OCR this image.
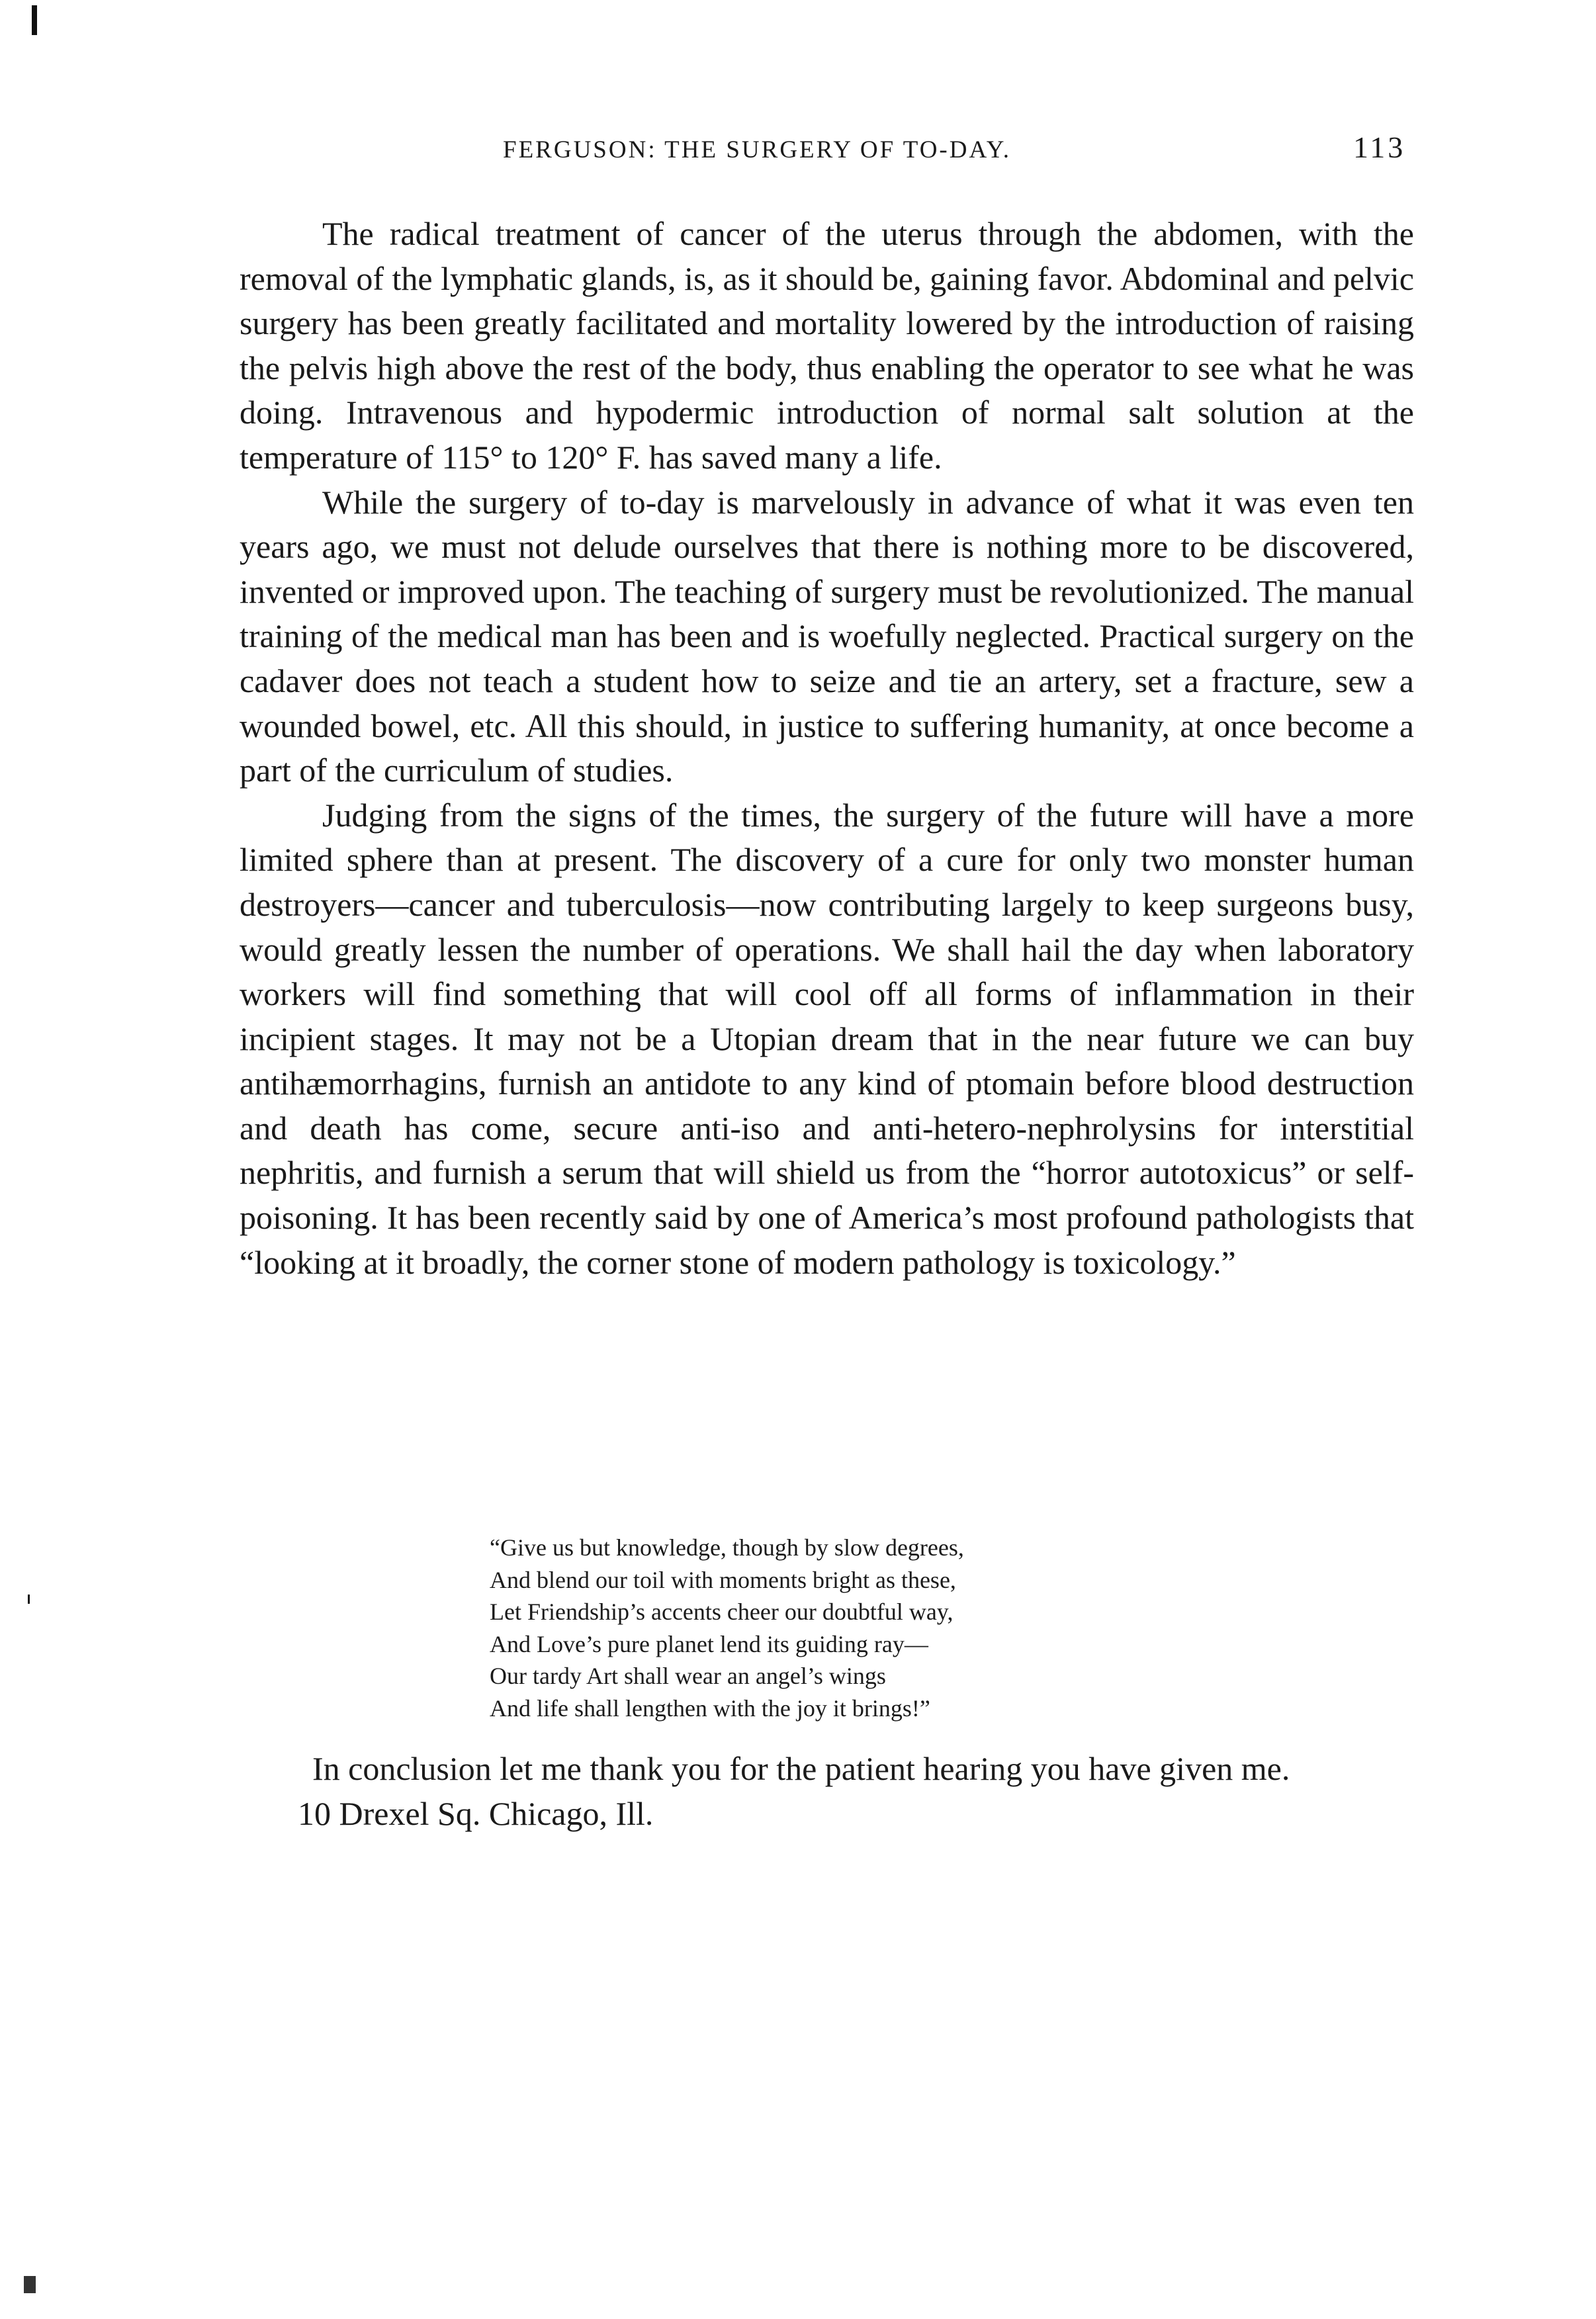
FERGUSON: THE SURGERY OF TO-DAY.	113

The radical treatment of cancer of the uterus through the abdomen, with the removal of the lymphatic glands, is, as it should be, gaining favor. Abdominal and pelvic surgery has been greatly facilitated and mortality lowered by the introduction of raising the pelvis high above the rest of the body, thus enabling the operator to see what he was doing. Intravenous and hypodermic introduction of normal salt solution at the temperature of 115° to 120° F. has saved many a life.

While the surgery of to-day is marvelously in advance of what it was even ten years ago, we must not delude ourselves that there is nothing more to be discovered, invented or improved upon. The teaching of surgery must be revolutionized. The manual training of the medical man has been and is woefully neglected. Practical surgery on the cadaver does not teach a student how to seize and tie an artery, set a fracture, sew a wounded bowel, etc. All this should, in justice to suffering humanity, at once become a part of the curriculum of studies.

Judging from the signs of the times, the surgery of the future will have a more limited sphere than at present. The discovery of a cure for only two monster human destroyers—cancer and tuberculosis—now contributing largely to keep surgeons busy, would greatly lessen the number of operations. We shall hail the day when laboratory workers will find something that will cool off all forms of inflammation in their incipient stages. It may not be a Utopian dream that in the near future we can buy antihæmorrhagins, furnish an antidote to any kind of ptomain before blood destruction and death has come, secure anti-iso and anti-hetero-nephrolysins for interstitial nephritis, and furnish a serum that will shield us from the “horror autotoxicus” or self-poisoning. It has been recently said by one of America’s most profound pathologists that “looking at it broadly, the corner stone of modern pathology is toxicology.”

“Give us but knowledge, though by slow degrees,
And blend our toil with moments bright as these,
Let Friendship’s accents cheer our doubtful way,
And Love’s pure planet lend its guiding ray—
Our tardy Art shall wear an angel’s wings
And life shall lengthen with the joy it brings!”

In conclusion let me thank you for the patient hearing you have given me.

10 Drexel Sq. Chicago, Ill.
